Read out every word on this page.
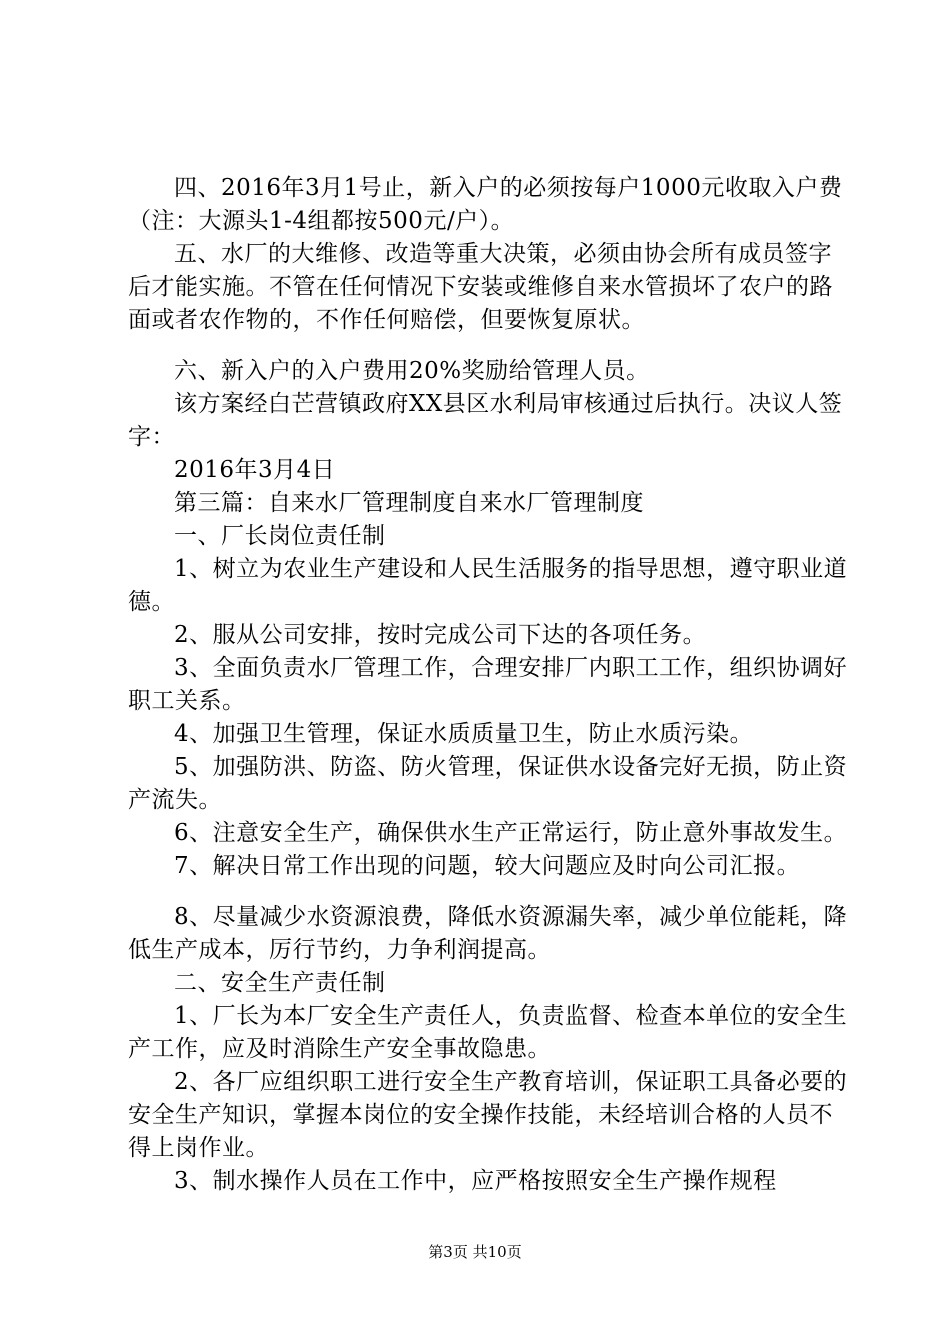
四、2016年3月1号止，新入户的必须按每户1000元收取入户费（注：大源头1-4组都按500元/户）。

五、水厂的大维修、改造等重大决策，必须由协会所有成员签字后才能实施。不管在任何情况下安装或维修自来水管损坏了农户的路面或者农作物的，不作任何赔偿，但要恢复原状。

六、新入户的入户费用20%奖励给管理人员。

该方案经白芒营镇政府XX县区水利局审核通过后执行。决议人签字：

2016年3月4日

第三篇：自来水厂管理制度自来水厂管理制度

一、厂长岗位责任制

1、树立为农业生产建设和人民生活服务的指导思想，遵守职业道德。

2、服从公司安排，按时完成公司下达的各项任务。

3、全面负责水厂管理工作，合理安排厂内职工工作，组织协调好职工关系。

4、加强卫生管理，保证水质质量卫生，防止水质污染。

5、加强防洪、防盗、防火管理，保证供水设备完好无损，防止资产流失。

6、注意安全生产，确保供水生产正常运行，防止意外事故发生。

7、解决日常工作出现的问题，较大问题应及时向公司汇报。

8、尽量减少水资源浪费，降低水资源漏失率，减少单位能耗，降低生产成本，厉行节约，力争利润提高。

二、安全生产责任制

1、厂长为本厂安全生产责任人，负责监督、检查本单位的安全生产工作，应及时消除生产安全事故隐患。

2、各厂应组织职工进行安全生产教育培训，保证职工具备必要的安全生产知识，掌握本岗位的安全操作技能，未经培训合格的人员不得上岗作业。

3、制水操作人员在工作中，应严格按照安全生产操作规程

第3页 共10页
